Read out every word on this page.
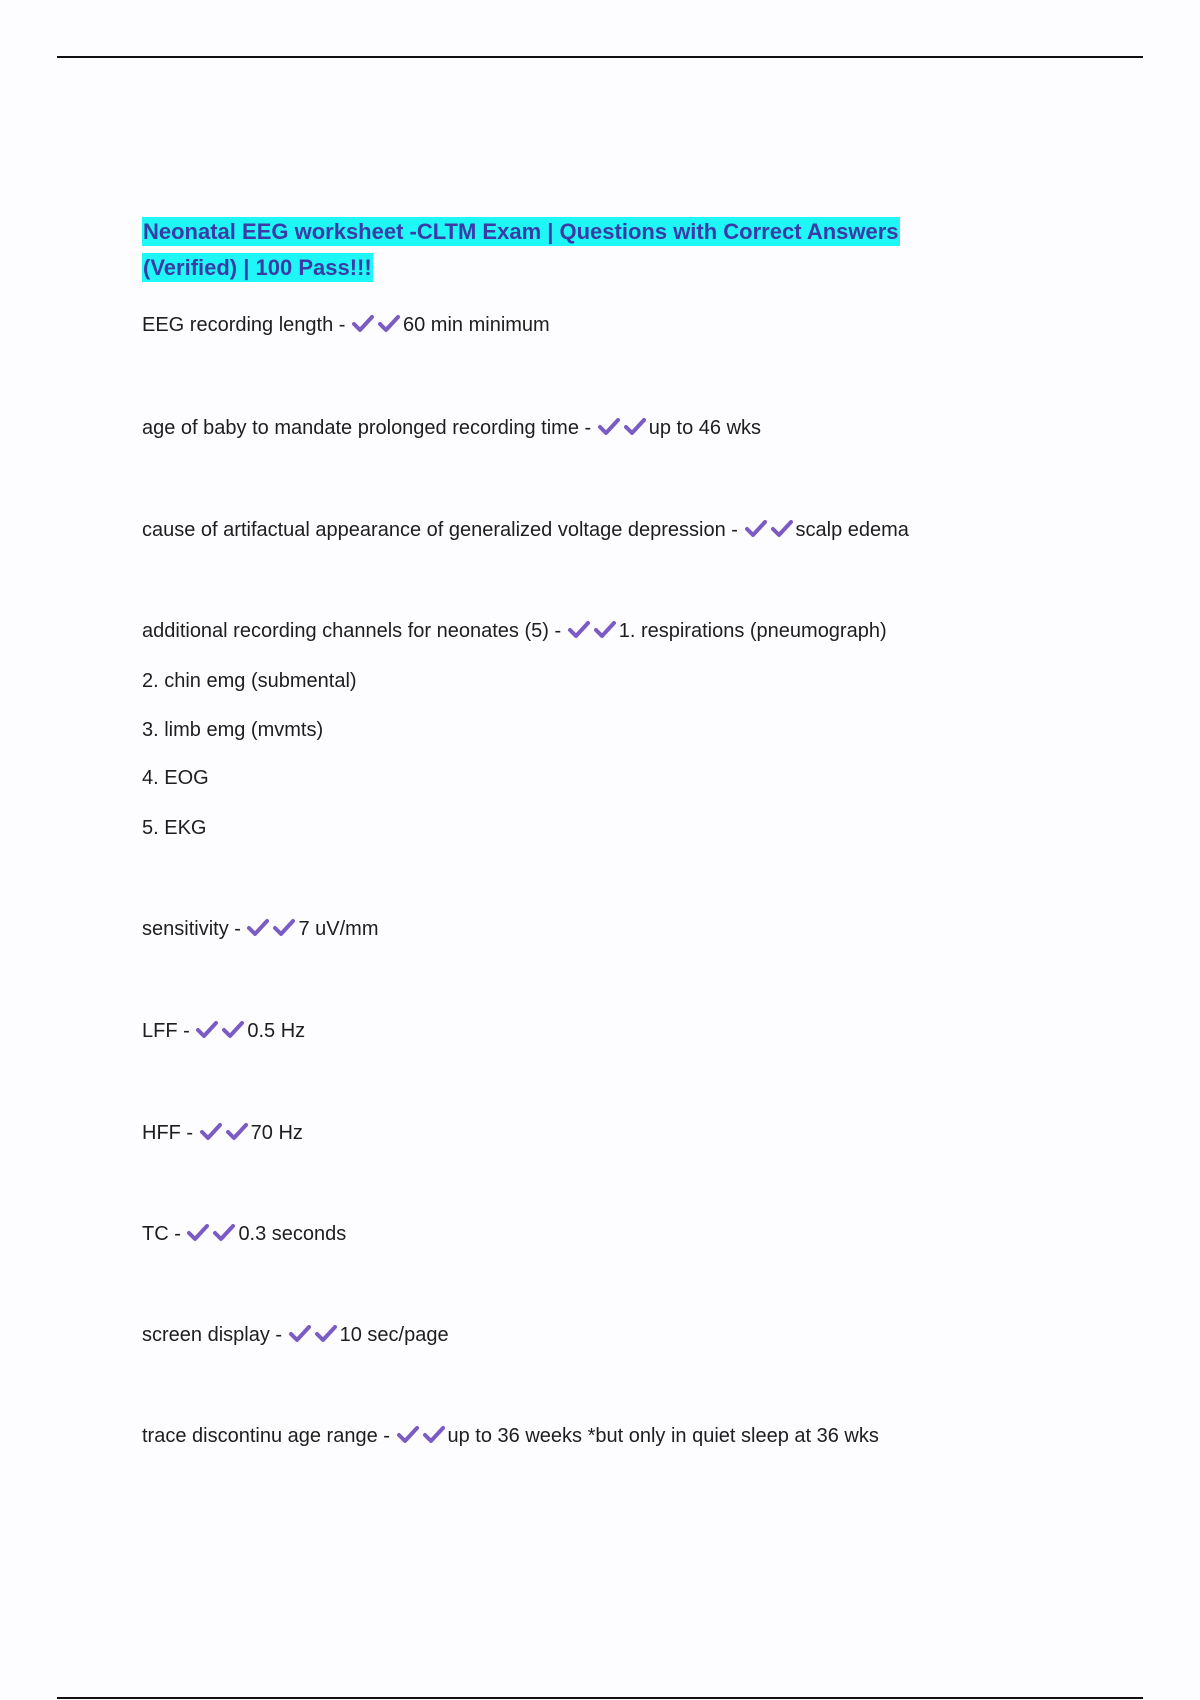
Neonatal EEG worksheet -CLTM Exam | Questions with Correct Answers
(Verified) | 100 Pass!!!
EEG recording length -	60 min minimum
age of baby to mandate prolonged recording time -	up to 46 wks
cause of artifactual appearance of generalized voltage depression -	scalp edema
additional recording channels for neonates (5) -	1. respirations (pneumograph)
sensitivity -	7 uV/mm
LFF -	0.5 Hz
HFF -	70 Hz
TC -	0.3 seconds
screen display -	10 sec/page
trace discontinu age range -	up to 36 weeks *but only in quiet sleep at 36 wks
2. chin emg (submental)
3. limb emg (mvmts)
4. EOG
5. EKG
